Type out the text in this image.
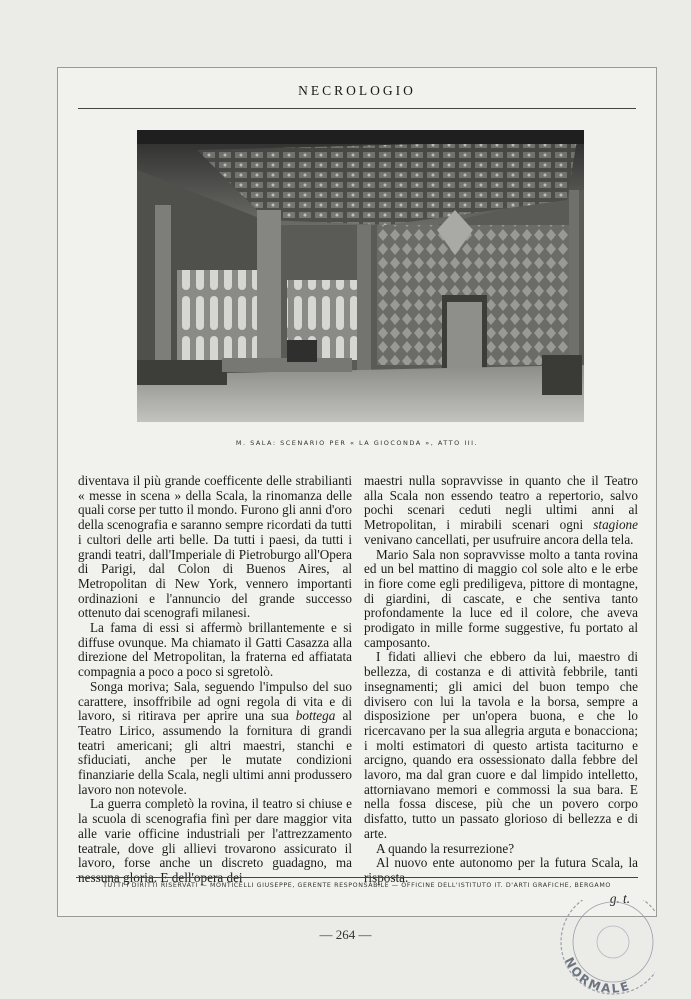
NECROLOGIO
M. SALA: SCENARIO PER « LA GIOCONDA », ATTO III.

diventava il più grande coefficente delle strabilianti « messe in scena » della Scala, la rinomanza delle quali corse per tutto il mondo. Furono gli anni d'oro della scenografia e saranno sempre ricordati da tutti i cultori delle arti belle. Da tutti i paesi, da tutti i grandi teatri, dall'Imperiale di Pietroburgo all'Opera di Parigi, dal Colon di Buenos Aires, al Metropolitan di New York, vennero importanti ordinazioni e l'annuncio del grande successo ottenuto dai scenografi milanesi.

La fama di essi si affermò brillantemente e si diffuse ovunque. Ma chiamato il Gatti Casazza alla direzione del Metropolitan, la fraterna ed affiatata compagnia a poco a poco si sgretolò.

Songa moriva; Sala, seguendo l'impulso del suo carattere, insoffribile ad ogni regola di vita e di lavoro, si ritirava per aprire una sua bottega al Teatro Lirico, assumendo la fornitura di grandi teatri americani; gli altri maestri, stanchi e sfiduciati, anche per le mutate condizioni finanziarie della Scala, negli ultimi anni produssero lavoro non notevole.

La guerra completò la rovina, il teatro si chiuse e la scuola di scenografia finì per dare maggior vita alle varie officine industriali per l'attrezzamento teatrale, dove gli allievi trovarono assicurato il lavoro, forse anche un discreto guadagno, ma nessuna gloria. E dell'opera dei

maestri nulla sopravvisse in quanto che il Teatro alla Scala non essendo teatro a repertorio, salvo pochi scenari ceduti negli ultimi anni al Metropolitan, i mirabili scenari ogni stagione venivano cancellati, per usufruire ancora della tela.

Mario Sala non sopravvisse molto a tanta rovina ed un bel mattino di maggio col sole alto e le erbe in fiore come egli prediligeva, pittore di montagne, di giardini, di cascate, e che sentiva tanto profondamente la luce ed il colore, che aveva prodigato in mille forme suggestive, fu portato al camposanto.

I fidati allievi che ebbero da lui, maestro di bellezza, di costanza e di attività febbrile, tanti insegnamenti; gli amici del buon tempo che divisero con lui la tavola e la borsa, sempre a disposizione per un'opera buona, e che lo ricercavano per la sua allegria arguta e bonacciona; i molti estimatori di questo artista taciturno e arcigno, quando era ossessionato dalla febbre del lavoro, ma dal gran cuore e dal limpido intelletto, attorniavano memori e commossi la sua bara. E nella fossa discese, più che un povero corpo disfatto, tutto un passato glorioso di bellezza e di arte.

A quando la resurrezione?

Al nuovo ente autonomo per la futura Scala, la risposta.

g. t.
TUTTI I DIRITTI RISERVATI — MONTICELLI GIUSEPPE, GERENTE RESPONSABILE — OFFICINE DELL'ISTITUTO IT. D'ARTI GRAFICHE, BERGAMO
— 264 —
NORMALE
